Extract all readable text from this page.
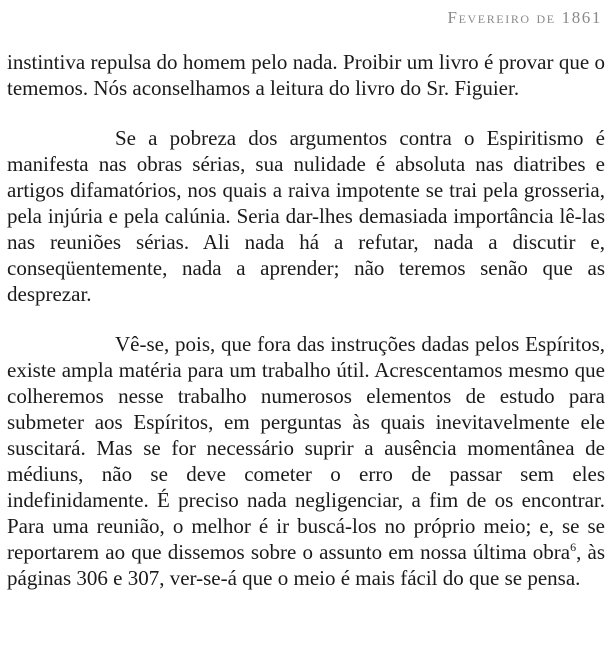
Fevereiro de 1861

instintiva repulsa do homem pelo nada. Proibir um livro é provar que o tememos. Nós aconselhamos a leitura do livro do Sr. Figuier.

Se a pobreza dos argumentos contra o Espiritismo é manifesta nas obras sérias, sua nulidade é absoluta nas diatribes e artigos difamatórios, nos quais a raiva impotente se trai pela grosseria, pela injúria e pela calúnia. Seria dar-lhes demasiada importância lê-las nas reuniões sérias. Ali nada há a refutar, nada a discutir e, conseqüentemente, nada a aprender; não teremos senão que as desprezar.

Vê-se, pois, que fora das instruções dadas pelos Espíritos, existe ampla matéria para um trabalho útil. Acrescentamos mesmo que colheremos nesse trabalho numerosos elementos de estudo para submeter aos Espíritos, em perguntas às quais inevitavelmente ele suscitará. Mas se for necessário suprir a ausência momentânea de médiuns, não se deve cometer o erro de passar sem eles indefinidamente. É preciso nada negligenciar, a fim de os encontrar. Para uma reunião, o melhor é ir buscá-los no próprio meio; e, se se reportarem ao que dissemos sobre o assunto em nossa última obra$^6$, às páginas 306 e 307, ver-se-á que o meio é mais fácil do que se pensa.
